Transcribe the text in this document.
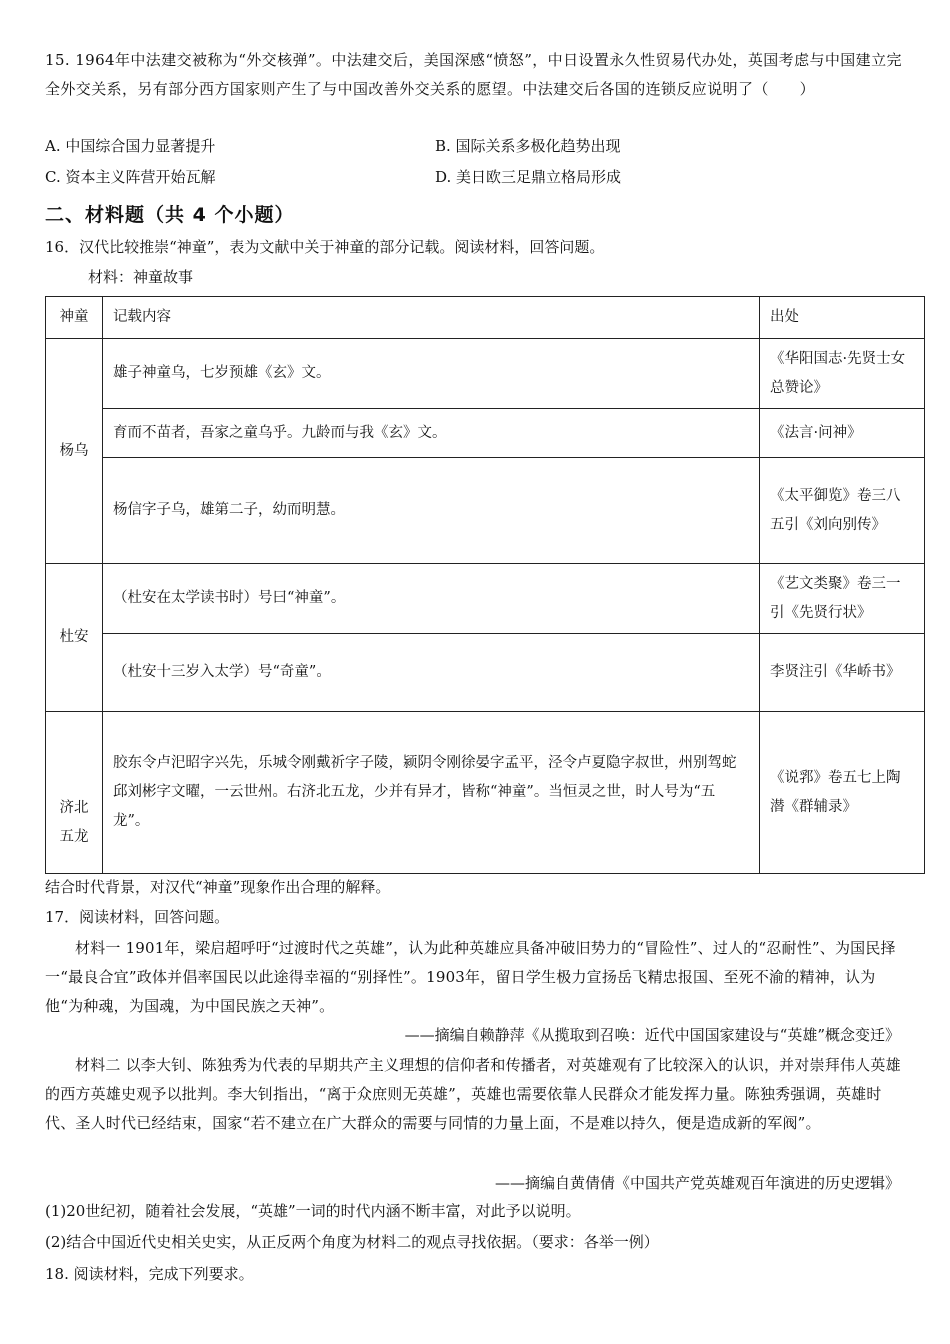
15. 1964年中法建交被称为“外交核弹”。中法建交后，美国深感“愤怒”，中日设置永久性贸易代办处，英国考虑与中国建立完全外交关系，另有部分西方国家则产生了与中国改善外交关系的愿望。中法建交后各国的连锁反应说明了（　　）
A. 中国综合国力显著提升	B. 国际关系多极化趋势出现
C. 资本主义阵营开始瓦解	D. 美日欧三足鼎立格局形成
二、材料题（共 4 个小题）
16．汉代比较推崇“神童”，表为文献中关于神童的部分记载。阅读材料，回答问题。
材料：神童故事
神童	记载内容	出处
杨乌	雄子神童乌，七岁预雄《玄》文。	《华阳国志·先贤士女总赞论》
	育而不苗者，吾家之童乌乎。九龄而与我《玄》文。	《法言·问神》
	杨信字子乌，雄第二子，幼而明慧。	《太平御览》卷三八五引《刘向别传》
杜安	（杜安在太学读书时）号曰“神童”。	《艺文类聚》卷三一引《先贤行状》
	（杜安十三岁入太学）号“奇童”。	李贤注引《华峤书》
济北五龙	胶东令卢汜昭字兴先，乐城令刚戴祈字子陵，颍阴令刚徐晏字孟平，泾令卢夏隐字叔世，州别驾蛇邱刘彬字文曜，一云世州。右济北五龙，少并有异才，皆称“神童”。当恒灵之世，时人号为“五龙”。	《说郛》卷五七上陶潜《群辅录》
结合时代背景，对汉代“神童”现象作出合理的解释。
17．阅读材料，回答问题。
材料一 1901年，梁启超呼吁“过渡时代之英雄”，认为此种英雄应具备冲破旧势力的“冒险性”、过人的“忍耐性”、为国民择一“最良合宜”政体并倡率国民以此途得幸福的“别择性”。1903年，留日学生极力宣扬岳飞精忠报国、至死不渝的精神，认为他“为种魂，为国魂，为中国民族之天神”。
——摘编自赖静萍《从揽取到召唤：近代中国国家建设与“英雄”概念变迁》
材料二 以李大钊、陈独秀为代表的早期共产主义理想的信仰者和传播者，对英雄观有了比较深入的认识，并对崇拜伟人英雄的西方英雄史观予以批判。李大钊指出，“离于众庶则无英雄”，英雄也需要依靠人民群众才能发挥力量。陈独秀强调，英雄时代、圣人时代已经结束，国家“若不建立在广大群众的需要与同情的力量上面，不是难以持久，便是造成新的军阀”。
——摘编自黄倩倩《中国共产党英雄观百年演进的历史逻辑》
(1)20世纪初，随着社会发展，“英雄”一词的时代内涵不断丰富，对此予以说明。
(2)结合中国近代史相关史实，从正反两个角度为材料二的观点寻找依据。（要求：各举一例）
18. 阅读材料，完成下列要求。
